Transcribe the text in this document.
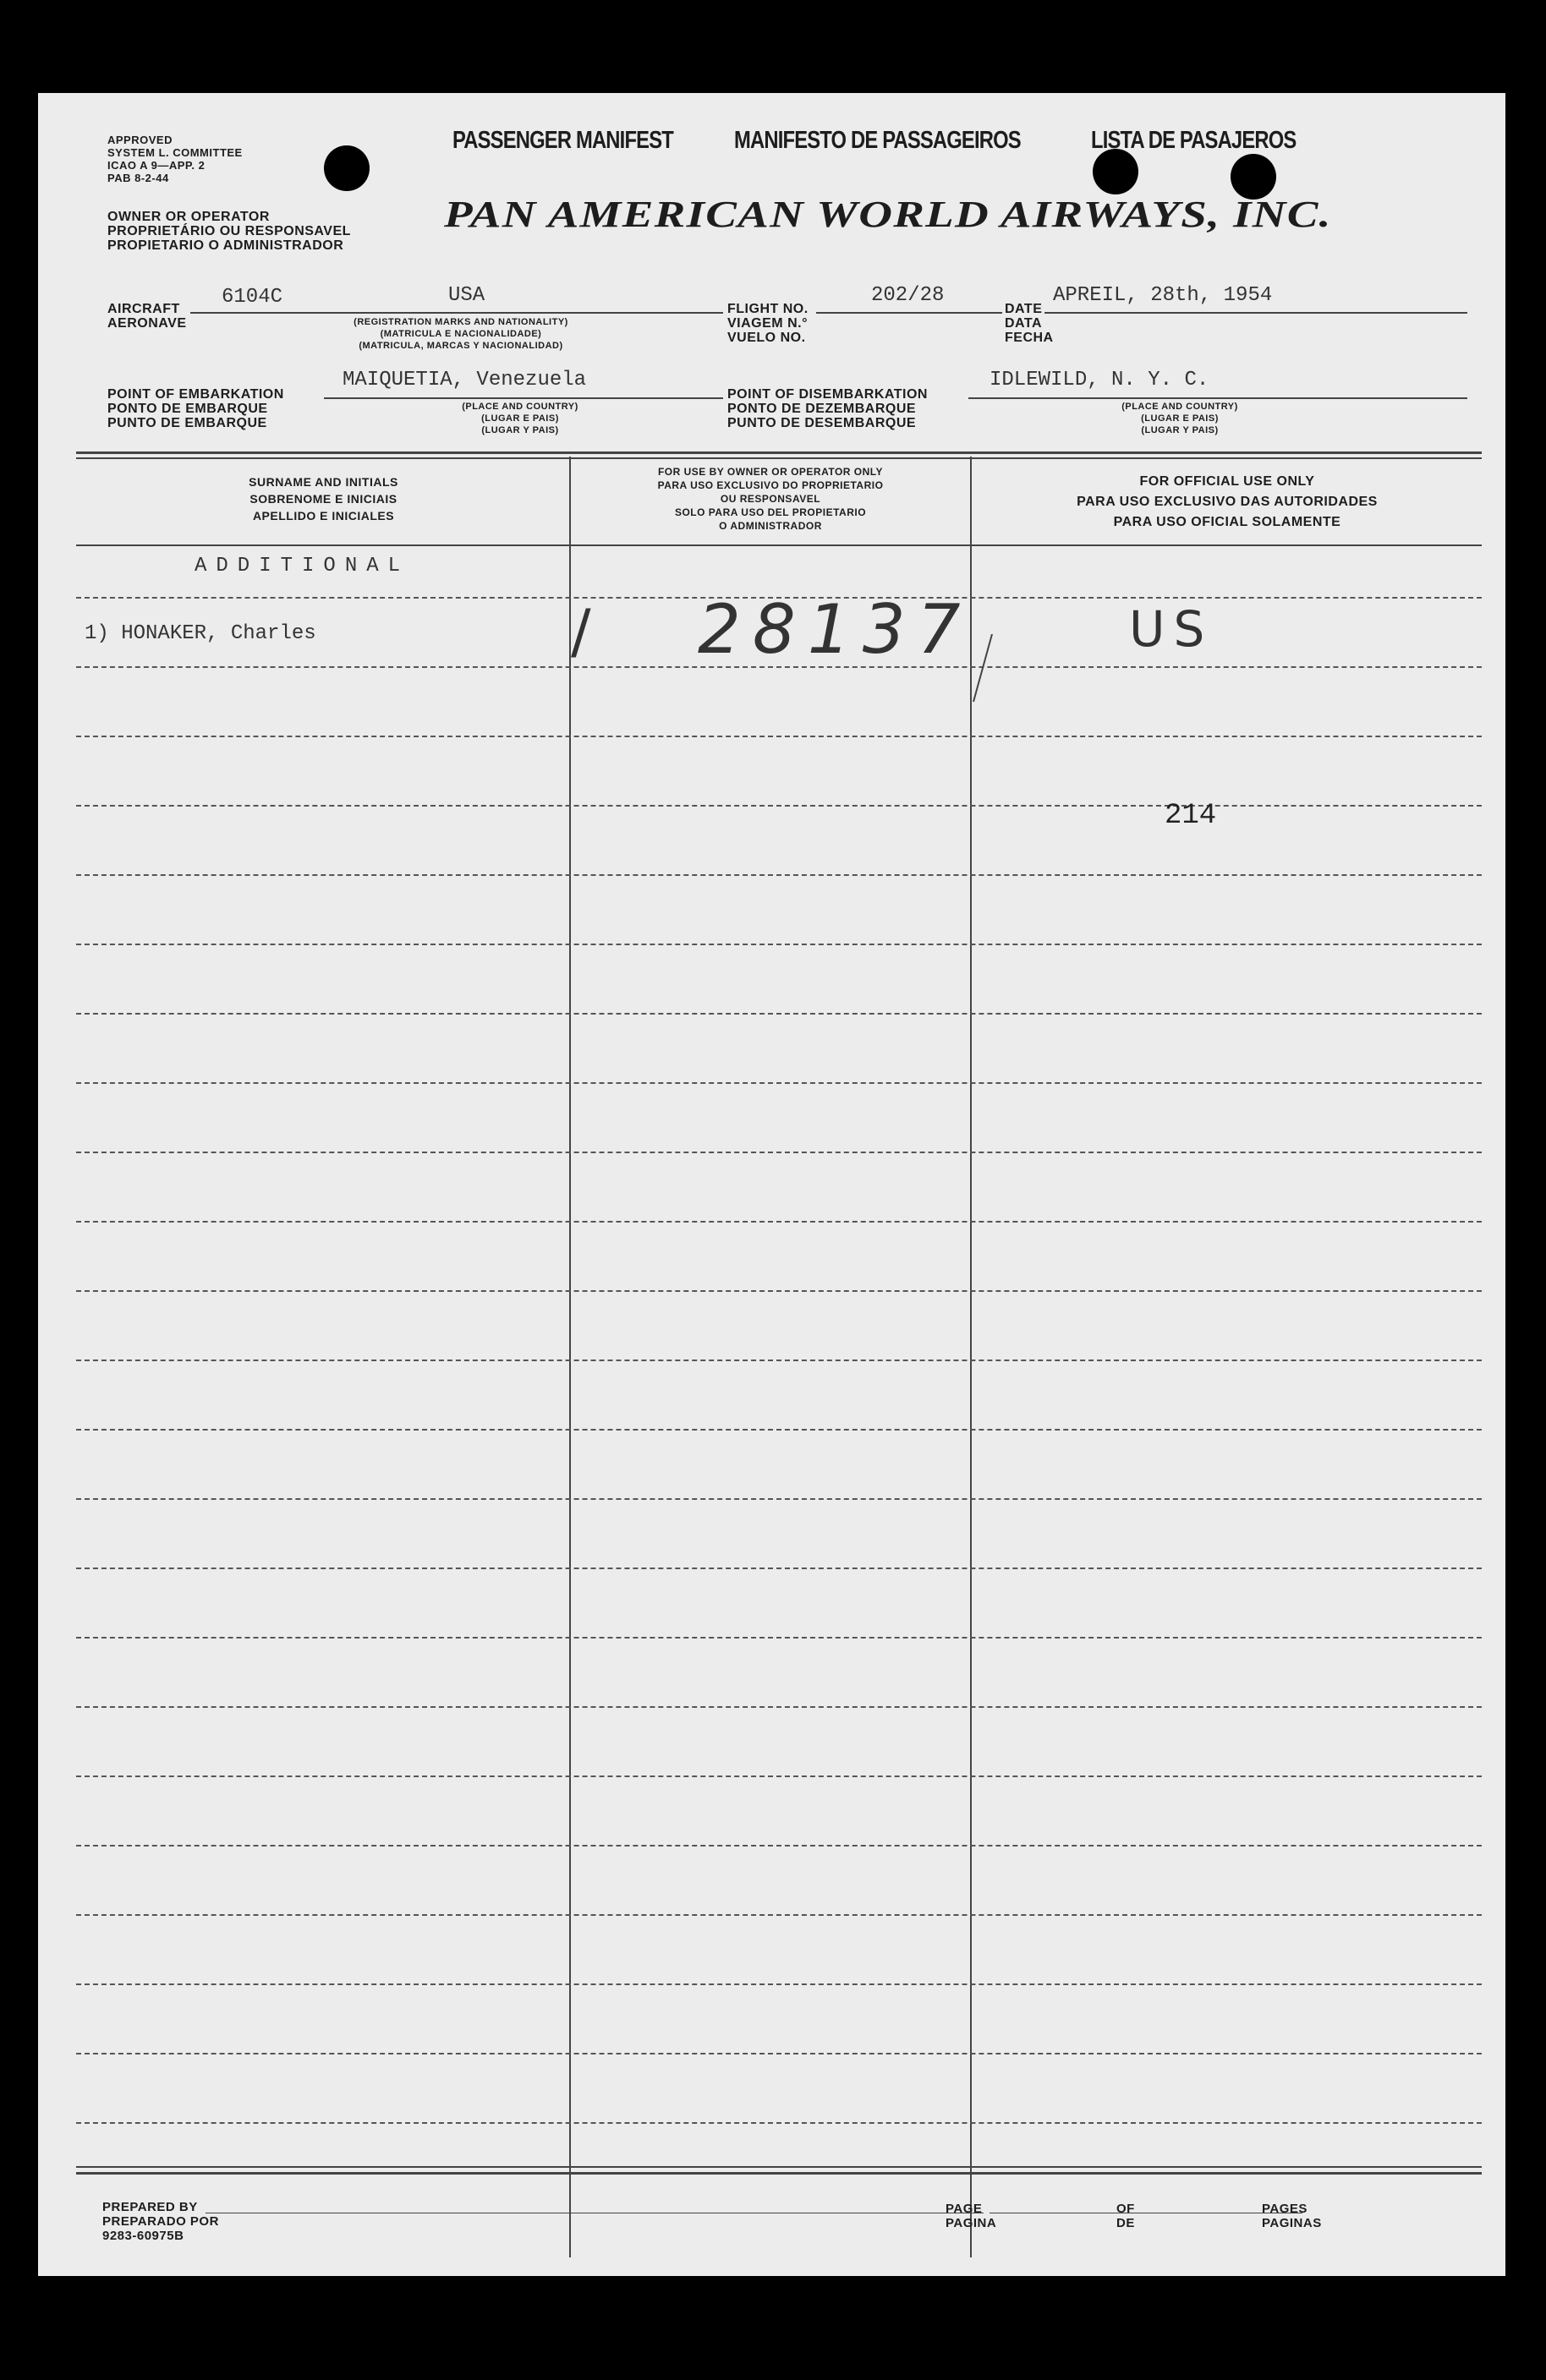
APPROVED
SYSTEM L. COMMITTEE
ICAO A 9—APP. 2
PAB 8-2-44
PASSENGER MANIFEST MANIFESTO DE PASSAGEIROS	LISTA DE PASAJEROS
OWNER OR OPERATOR
PROPRIETÁRIO OU RESPONSAVEL
PROPIETARIO O ADMINISTRADOR
PAN AMERICAN WORLD AIRWAYS, INC.
AIRCRAFT
AERONAVE
6104C	USA
(REGISTRATION MARKS AND NATIONALITY)
(MATRICULA E NACIONALIDADE)
(MATRICULA, MARCAS Y NACIONALIDAD)
FLIGHT NO.
VIAGEM N.°
VUELO NO.
202/28
DATE
DATA
FECHA
APREIL, 28th, 1954
POINT OF EMBARKATION
PONTO DE EMBARQUE
PUNTO DE EMBARQUE
MAIQUETIA, Venezuela
(PLACE AND COUNTRY)
(LUGAR E PAIS)
(LUGAR Y PAIS)
POINT OF DISEMBARKATION
PONTO DE DEZEMBARQUE
PUNTO DE DESEMBARQUE
IDLEWILD, N. Y. C.
(PLACE AND COUNTRY)
(LUGAR E PAIS)
(LUGAR Y PAIS)
SURNAME AND INITIALS
SOBRENOME E INICIAIS
APELLIDO E INICIALES
FOR USE BY OWNER OR OPERATOR ONLY
PARA USO EXCLUSIVO DO PROPRIETARIO
OU RESPONSAVEL
SOLO PARA USO DEL PROPIETARIO
O ADMINISTRADOR
FOR OFFICIAL USE ONLY
PARA USO EXCLUSIVO DAS AUTORIDADES
PARA USO OFICIAL SOLAMENTE
ADDITIONAL
1) HONAKER, Charles	/ 28137	US
214
PREPARED BY
PREPARADO POR
9283-60975B
PAGE
PAGINA
OF
DE
PAGES
PAGINAS
